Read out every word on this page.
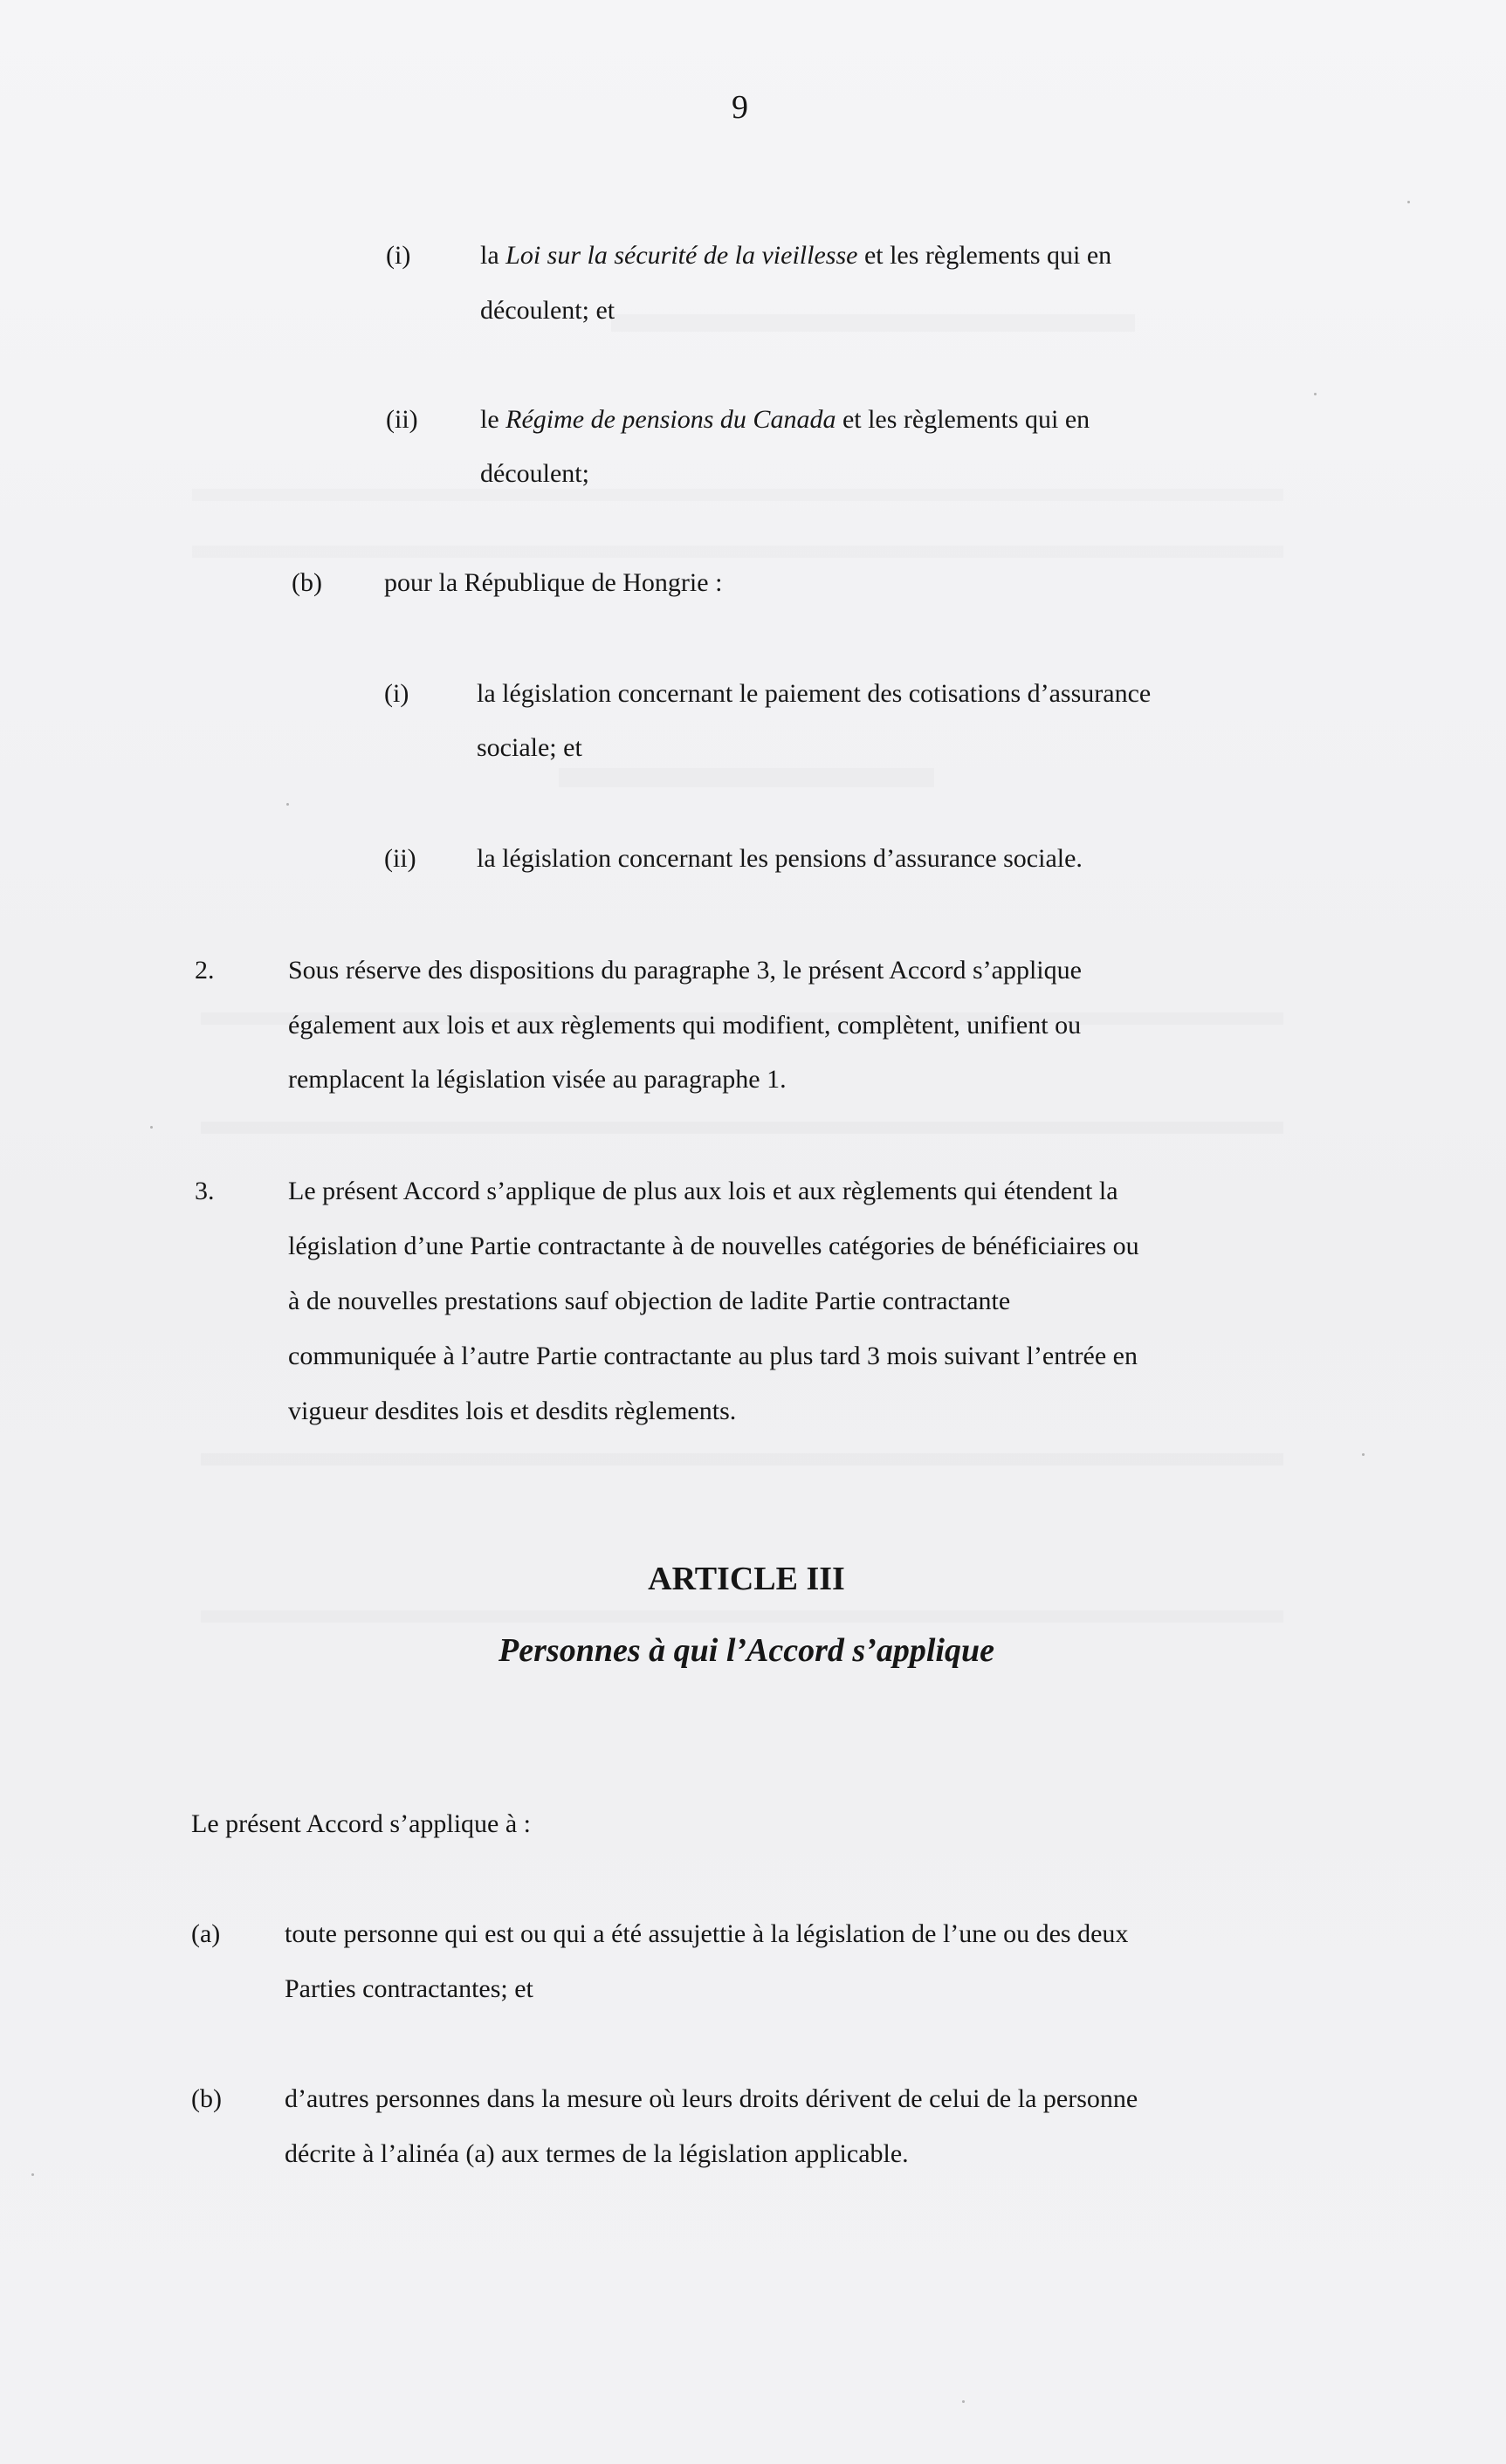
9
(i)	la Loi sur la sécurité de la vieillesse et les règlements qui en
découlent; et
(ii) le Régime de pensions du Canada et les règlements qui en
découlent;
(b) pour la République de Hongrie :
(i)	la législation concernant le paiement des cotisations d’assurance
sociale; et
(ii) la législation concernant les pensions d’assurance sociale.
2.	Sous réserve des dispositions du paragraphe 3, le présent Accord s’applique
également aux lois et aux règlements qui modifient, complètent, unifient ou
remplacent la législation visée au paragraphe 1.
3.	Le présent Accord s’applique de plus aux lois et aux règlements qui étendent la
législation d’une Partie contractante à de nouvelles catégories de bénéficiaires ou
à de nouvelles prestations sauf objection de ladite Partie contractante
communiquée à l’autre Partie contractante au plus tard 3 mois suivant l’entrée en
vigueur desdites lois et desdits règlements.
ARTICLE III
Personnes à qui l’Accord s’applique
Le présent Accord s’applique à :
(a) toute personne qui est ou qui a été assujettie à la législation de l’une ou des deux
Parties contractantes; et
(b) d’autres personnes dans la mesure où leurs droits dérivent de celui de la personne
décrite à l’alinéa (a) aux termes de la législation applicable.
